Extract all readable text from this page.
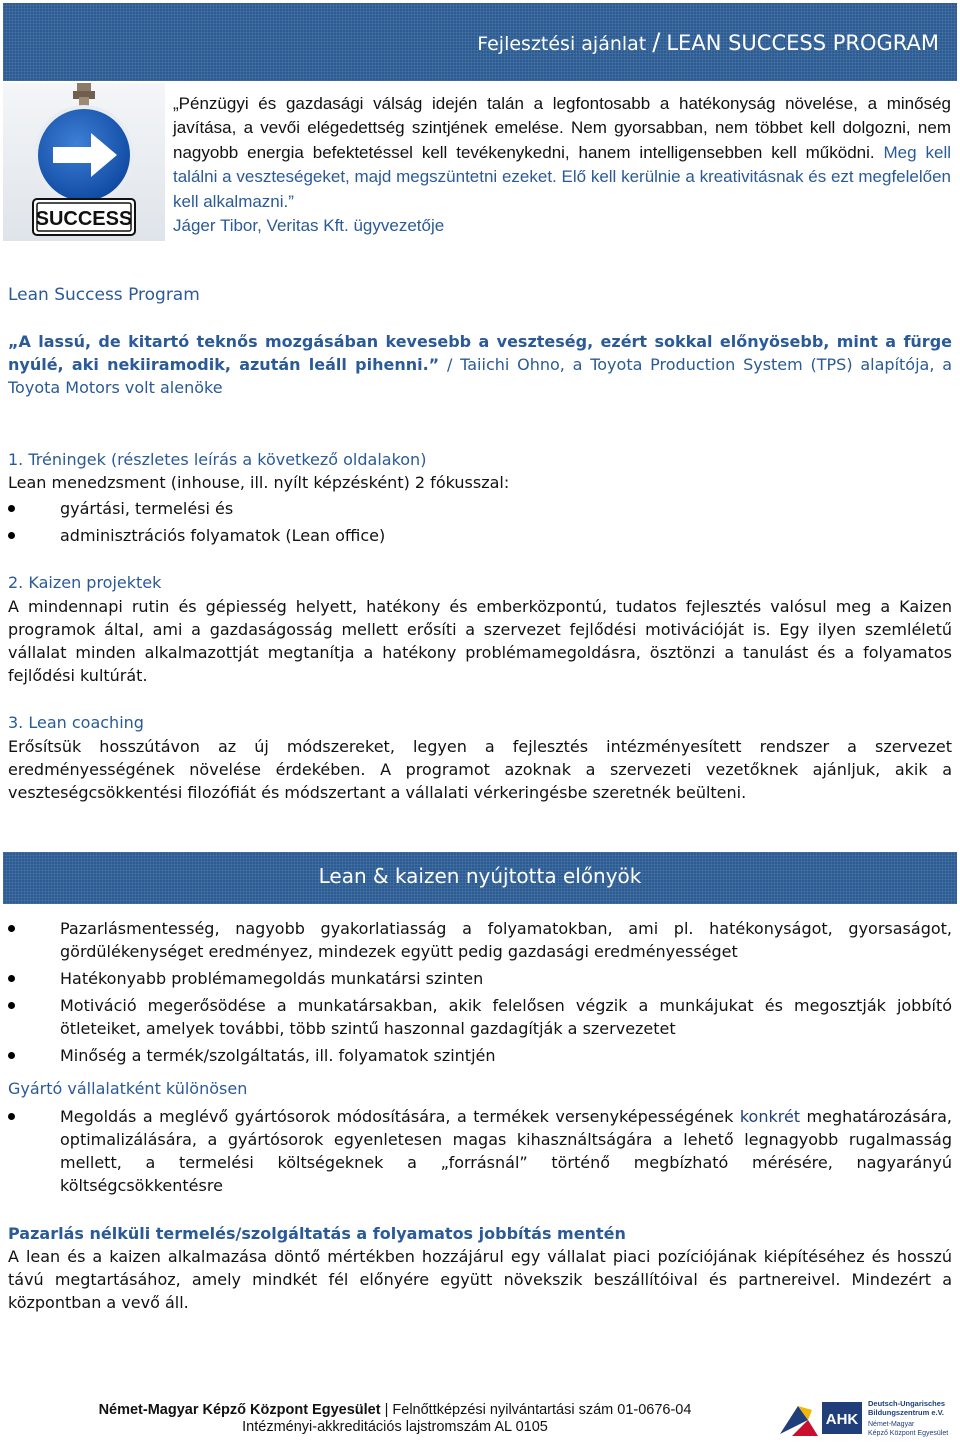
Fejlesztési ajánlat / LEAN SUCCESS PROGRAM
SUCCESS
„Pénzügyi és gazdasági válság idején talán a legfontosabb a hatékonyság növelése, a minőség javítása, a vevői elégedettség szintjének emelése. Nem gyorsabban, nem többet kell dolgozni, nem nagyobb energia befektetéssel kell tevékenykedni, hanem intelligensebben kell működni. Meg kell találni a veszteségeket, majd megszüntetni ezeket. Elő kell kerülnie a kreativitásnak és ezt megfelelően kell alkalmazni.”
Jáger Tibor, Veritas Kft. ügyvezetője
Lean Success Program
„A lassú, de kitartó teknős mozgásában kevesebb a veszteség, ezért sokkal előnyösebb, mint a fürge nyúlé, aki nekiiramodik, azután leáll pihenni.” / Taiichi Ohno, a Toyota Production System (TPS) alapítója, a Toyota Motors volt alenöke
1. Tréningek (részletes leírás a következő oldalakon)
Lean menedzsment (inhouse, ill. nyílt képzésként) 2 fókusszal:
gyártási, termelési és
adminisztrációs folyamatok (Lean office)
2. Kaizen projektek
A mindennapi rutin és gépiesség helyett, hatékony és emberközpontú, tudatos fejlesztés valósul meg a Kaizen programok által, ami a gazdaságosság mellett erősíti a szervezet fejlődési motivációját is. Egy ilyen szemléletű vállalat minden alkalmazottját megtanítja a hatékony problémamegoldásra, ösztönzi a tanulást és a folyamatos fejlődési kultúrát.
3. Lean coaching
Erősítsük hosszútávon az új módszereket, legyen a fejlesztés intézményesített rendszer a szervezet eredményességének növelése érdekében. A programot azoknak a szervezeti vezetőknek ajánljuk, akik a veszteségcsökkentési filozófiát és módszertant a vállalati vérkeringésbe szeretnék beülteni.
Lean & kaizen nyújtotta előnyök
Pazarlásmentesség, nagyobb gyakorlatiasság a folyamatokban, ami pl. hatékonyságot, gyorsaságot, gördülékenységet eredményez, mindezek együtt pedig gazdasági eredményességet
Hatékonyabb problémamegoldás munkatársi szinten
Motiváció megerősödése a munkatársakban, akik felelősen végzik a munkájukat és megosztják jobbító ötleteiket, amelyek további, több szintű haszonnal gazdagítják a szervezetet
Minőség a termék/szolgáltatás, ill. folyamatok szintjén
Gyártó vállalatként különösen
Megoldás a meglévő gyártósorok módosítására, a termékek versenyképességének konkrét meghatározására, optimalizálására, a gyártósorok egyenletesen magas kihasználtságára a lehető legnagyobb rugalmasság mellett, a termelési költségeknek a „forrásnál” történő megbízható mérésére, nagyarányú költségcsökkentésre
Pazarlás nélküli termelés/szolgáltatás a folyamatos jobbítás mentén
A lean és a kaizen alkalmazása döntő mértékben hozzájárul egy vállalat piaci pozíciójának kiépítéséhez és hosszú távú megtartásához, amely mindkét fél előnyére együtt növekszik beszállítóival és partnereivel. Mindezért a központban a vevő áll.
Német-Magyar Képző Központ Egyesület | Felnőttképzési nyilvántartási szám 01-0676-04
Intézményi-akkreditációs lajstromszám AL 0105	AHK
Deutsch-Ungarisches
Bildungszentrum e.V.
Német-Magyar
Képző Központ Egyesület
